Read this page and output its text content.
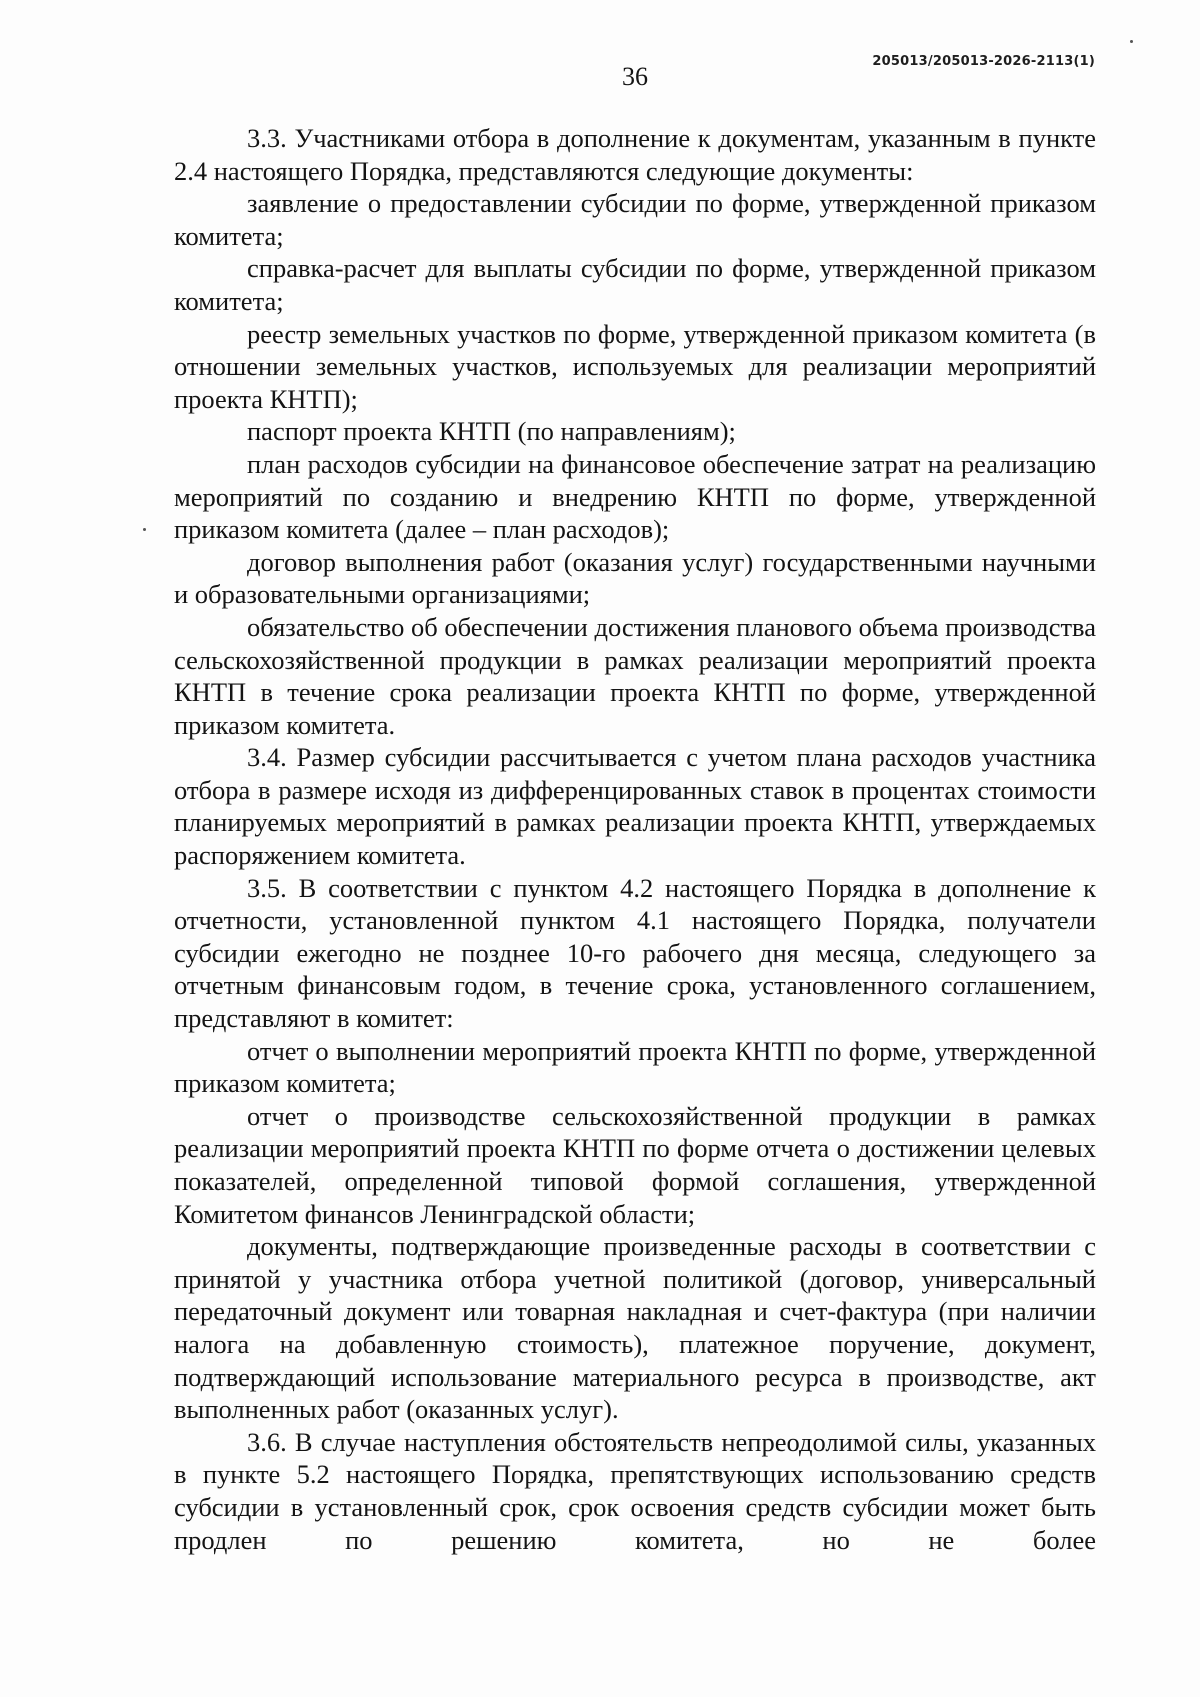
205013/205013-2026-2113(1)
36

3.3. Участниками отбора в дополнение к документам, указанным в пункте 2.4 настоящего Порядка, представляются следующие документы:

заявление о предоставлении субсидии по форме, утвержденной приказом комитета;

справка-расчет для выплаты субсидии по форме, утвержденной приказом комитета;

реестр земельных участков по форме, утвержденной приказом комитета (в отношении земельных участков, используемых для реализации мероприятий проекта КНТП);

паспорт проекта КНТП (по направлениям);

план расходов субсидии на финансовое обеспечение затрат на реализацию мероприятий по созданию и внедрению КНТП по форме, утвержденной приказом комитета (далее – план расходов);

договор выполнения работ (оказания услуг) государственными научными и образовательными организациями;

обязательство об обеспечении достижения планового объема производства сельскохозяйственной продукции в рамках реализации мероприятий проекта КНТП в течение срока реализации проекта КНТП по форме, утвержденной приказом комитета.

3.4. Размер субсидии рассчитывается с учетом плана расходов участника отбора в размере исходя из дифференцированных ставок в процентах стоимости планируемых мероприятий в рамках реализации проекта КНТП, утверждаемых распоряжением комитета.

3.5. В соответствии с пунктом 4.2 настоящего Порядка в дополнение к отчетности, установленной пунктом 4.1 настоящего Порядка, получатели субсидии ежегодно не позднее 10-го рабочего дня месяца, следующего за отчетным финансовым годом, в течение срока, установленного соглашением, представляют в комитет:

отчет о выполнении мероприятий проекта КНТП по форме, утвержденной приказом комитета;

отчет о производстве сельскохозяйственной продукции в рамках реализации мероприятий проекта КНТП по форме отчета о достижении целевых показателей, определенной типовой формой соглашения, утвержденной Комитетом финансов Ленинградской области;

документы, подтверждающие произведенные расходы в соответствии с принятой у участника отбора учетной политикой (договор, универсальный передаточный документ или товарная накладная и счет-фактура (при наличии налога на добавленную стоимость), платежное поручение, документ, подтверждающий использование материального ресурса в производстве, акт выполненных работ (оказанных услуг).

3.6. В случае наступления обстоятельств непреодолимой силы, указанных в пункте 5.2 настоящего Порядка, препятствующих использованию средств субсидии в установленный срок, срок освоения средств субсидии может быть продлен по решению комитета, но не более
